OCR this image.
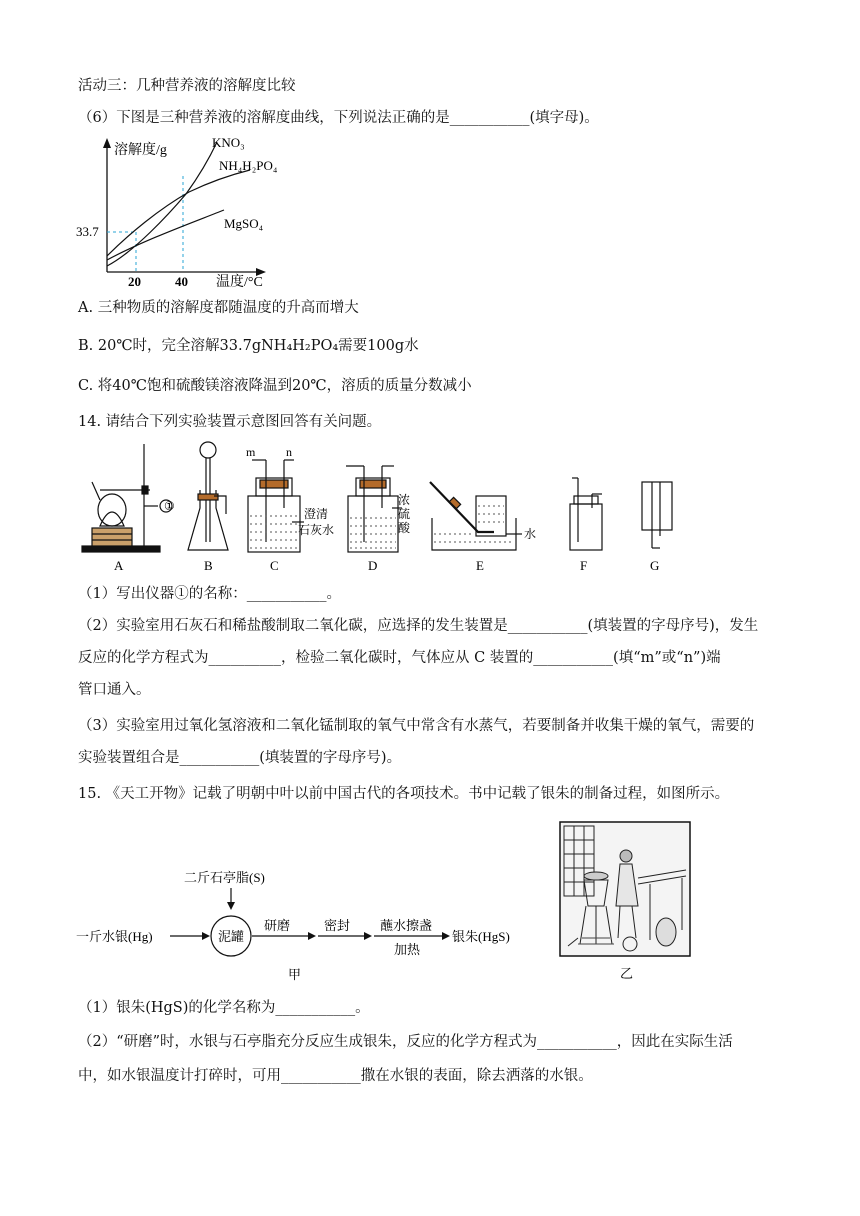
活动三：几种营养液的溶解度比较
（6）下图是三种营养液的溶解度曲线，下列说法正确的是___________(填字母)。
溶解度/g
KNO₃
NH₄H₂PO₄
MgSO₄
33.7
20	40 温度/°C
A. 三种物质的溶解度都随温度的升高而增大
B. 20℃时，完全溶解33.7gNH₄H₂PO₄需要100g水
C. 将40℃饱和硫酸镁溶液降温到20℃，溶质的质量分数减小
14. 请结合下列实验装置示意图回答有关问题。
①
m	n
澄清
石灰水
浓
硫
酸	水
A	B	C	D	E	F	G
（1）写出仪器①的名称：___________。
（2）实验室用石灰石和稀盐酸制取二氧化碳，应选择的发生装置是___________(填装置的字母序号)，发生
反应的化学方程式为__________，检验二氧化碳时，气体应从 C 装置的___________(填“m”或“n”)端
管口通入。
（3）实验室用过氧化氢溶液和二氧化锰制取的氧气中常含有水蒸气，若要制备并收集干燥的氧气，需要的
实验装置组合是___________(填装置的字母序号)。
15. 《天工开物》记载了明朝中叶以前中国古代的各项技术。书中记载了银朱的制备过程，如图所示。
二斤石亭脂(S)
一斤水银(Hg)	泥罐
研磨	密封 蘸水擦盏
加热
银朱(HgS)
甲	乙
（1）银朱(HgS)的化学名称为___________。
（2）“研磨”时，水银与石亭脂充分反应生成银朱，反应的化学方程式为___________，因此在实际生活
中，如水银温度计打碎时，可用___________撒在水银的表面，除去洒落的水银。
